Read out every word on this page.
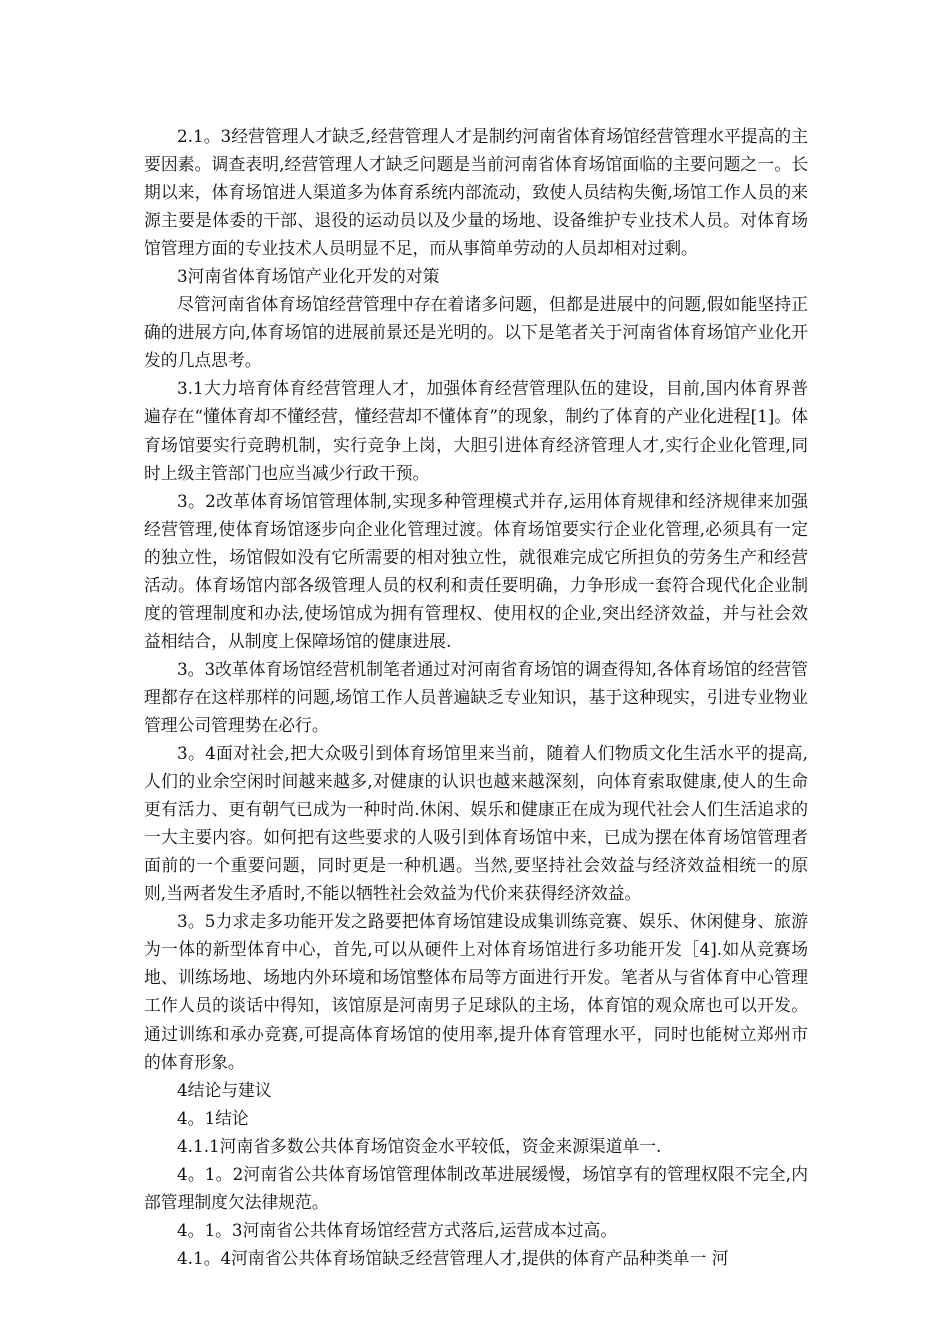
2.1。3经营管理人才缺乏,经营管理人才是制约河南省体育场馆经营管理水平提高的主要因素。调查表明,经营管理人才缺乏问题是当前河南省体育场馆面临的主要问题之一。长期以来，体育场馆进人渠道多为体育系统内部流动，致使人员结构失衡,场馆工作人员的来源主要是体委的干部、退役的运动员以及少量的场地、设备维护专业技术人员。对体育场馆管理方面的专业技术人员明显不足，而从事简单劳动的人员却相对过剩。

3河南省体育场馆产业化开发的对策

尽管河南省体育场馆经营管理中存在着诸多问题，但都是进展中的问题,假如能坚持正确的进展方向,体育场馆的进展前景还是光明的。以下是笔者关于河南省体育场馆产业化开发的几点思考。

3.1大力培育体育经营管理人才，加强体育经营管理队伍的建设，目前,国内体育界普遍存在“懂体育却不懂经营，懂经营却不懂体育”的现象，制约了体育的产业化进程[1]。体育场馆要实行竞聘机制，实行竞争上岗，大胆引进体育经济管理人才,实行企业化管理,同时上级主管部门也应当减少行政干预。

3。2改革体育场馆管理体制,实现多种管理模式并存,运用体育规律和经济规律来加强经营管理,使体育场馆逐步向企业化管理过渡。体育场馆要实行企业化管理,必须具有一定的独立性，场馆假如没有它所需要的相对独立性，就很难完成它所担负的劳务生产和经营活动。体育场馆内部各级管理人员的权利和责任要明确，力争形成一套符合现代化企业制度的管理制度和办法,使场馆成为拥有管理权、使用权的企业,突出经济效益，并与社会效益相结合，从制度上保障场馆的健康进展.

3。3改革体育场馆经营机制笔者通过对河南省育场馆的调查得知,各体育场馆的经营管理都存在这样那样的问题,场馆工作人员普遍缺乏专业知识，基于这种现实，引进专业物业管理公司管理势在必行。

3。4面对社会,把大众吸引到体育场馆里来当前，随着人们物质文化生活水平的提高,人们的业余空闲时间越来越多,对健康的认识也越来越深刻，向体育索取健康,使人的生命更有活力、更有朝气已成为一种时尚.休闲、娱乐和健康正在成为现代社会人们生活追求的一大主要内容。如何把有这些要求的人吸引到体育场馆中来，已成为摆在体育场馆管理者面前的一个重要问题，同时更是一种机遇。当然,要坚持社会效益与经济效益相统一的原则,当两者发生矛盾时,不能以牺牲社会效益为代价来获得经济效益。

3。5力求走多功能开发之路要把体育场馆建设成集训练竞赛、娱乐、休闲健身、旅游为一体的新型体育中心，首先,可以从硬件上对体育场馆进行多功能开发［4].如从竞赛场地、训练场地、场地内外环境和场馆整体布局等方面进行开发。笔者从与省体育中心管理工作人员的谈话中得知，该馆原是河南男子足球队的主场，体育馆的观众席也可以开发。通过训练和承办竞赛,可提高体育场馆的使用率,提升体育管理水平，同时也能树立郑州市的体育形象。

4结论与建议

4。1结论

4.1.1河南省多数公共体育场馆资金水平较低，资金来源渠道单一.

4。1。2河南省公共体育场馆管理体制改革进展缓慢，场馆享有的管理权限不完全,内部管理制度欠法律规范。

4。1。3河南省公共体育场馆经营方式落后,运营成本过高。

4.1。4河南省公共体育场馆缺乏经营管理人才,提供的体育产品种类单一 河
